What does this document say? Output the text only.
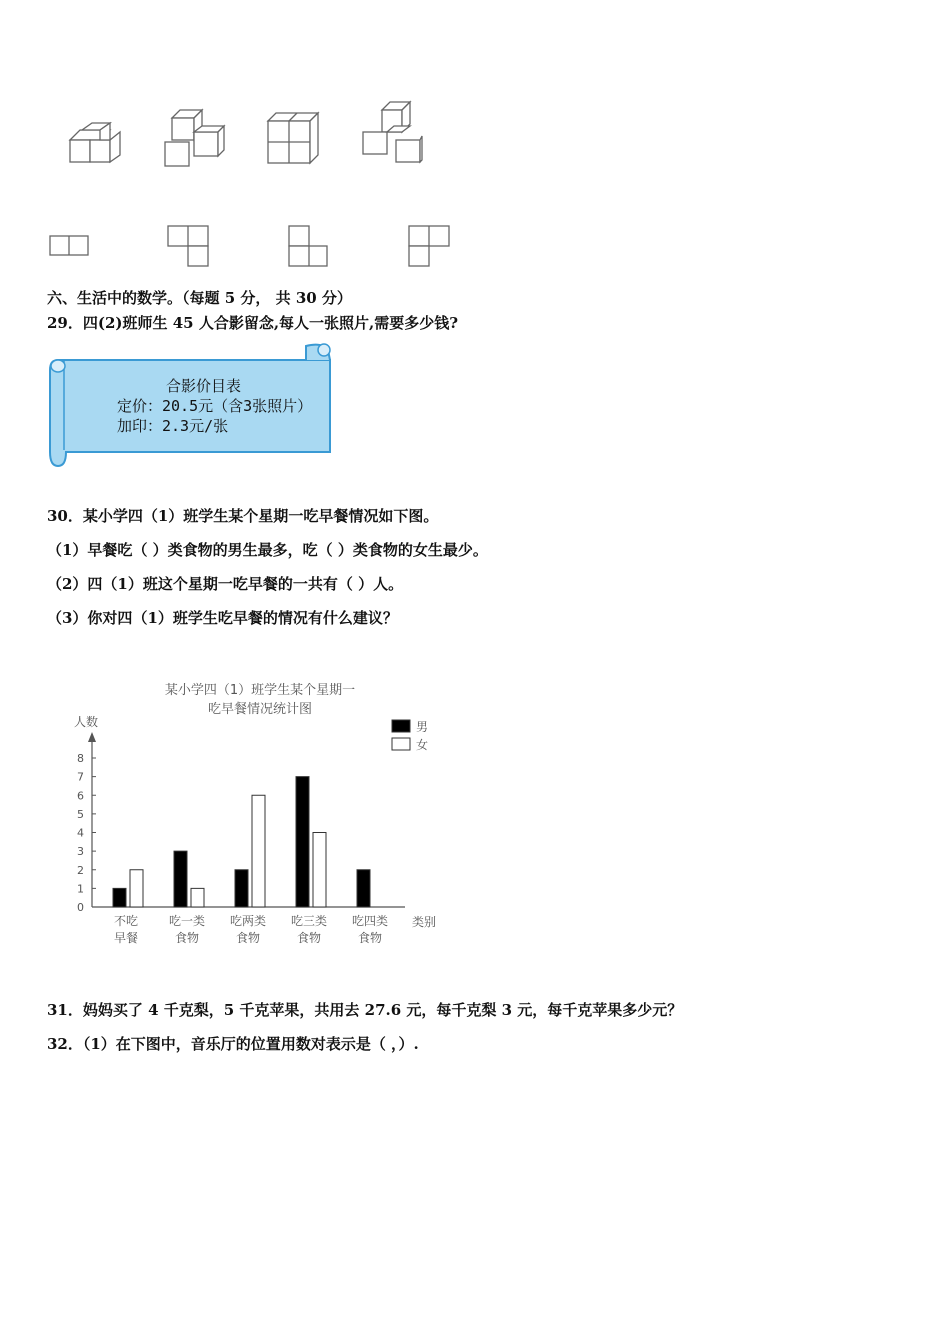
六、生活中的数学。（每题 5 分， 共 30 分）
29．四(2)班师生 45 人合影留念,每人一张照片,需要多少钱?
合影价目表
定价：20.5元（含3张照片）
加印：2.3元/张
30．某小学四（1）班学生某个星期一吃早餐情况如下图。
（1）早餐吃（ ）类食物的男生最多，吃（ ）类食物的女生最少。
（2）四（1）班这个星期一吃早餐的一共有（ ）人。
（3）你对四（1）班学生吃早餐的情况有什么建议？
某小学四（1）班学生某个星期一
吃早餐情况统计图
人数
类别
0
1
2
3
4
5
6
7
8
不吃
早餐
吃一类
食物
吃两类
食物
吃三类
食物
吃四类
食物
男
女
31．妈妈买了 4 千克梨，5 千克苹果，共用去 27.6 元，每千克梨 3 元，每千克苹果多少元？
32．（1）在下图中，音乐厅的位置用数对表示是（ ，）.
